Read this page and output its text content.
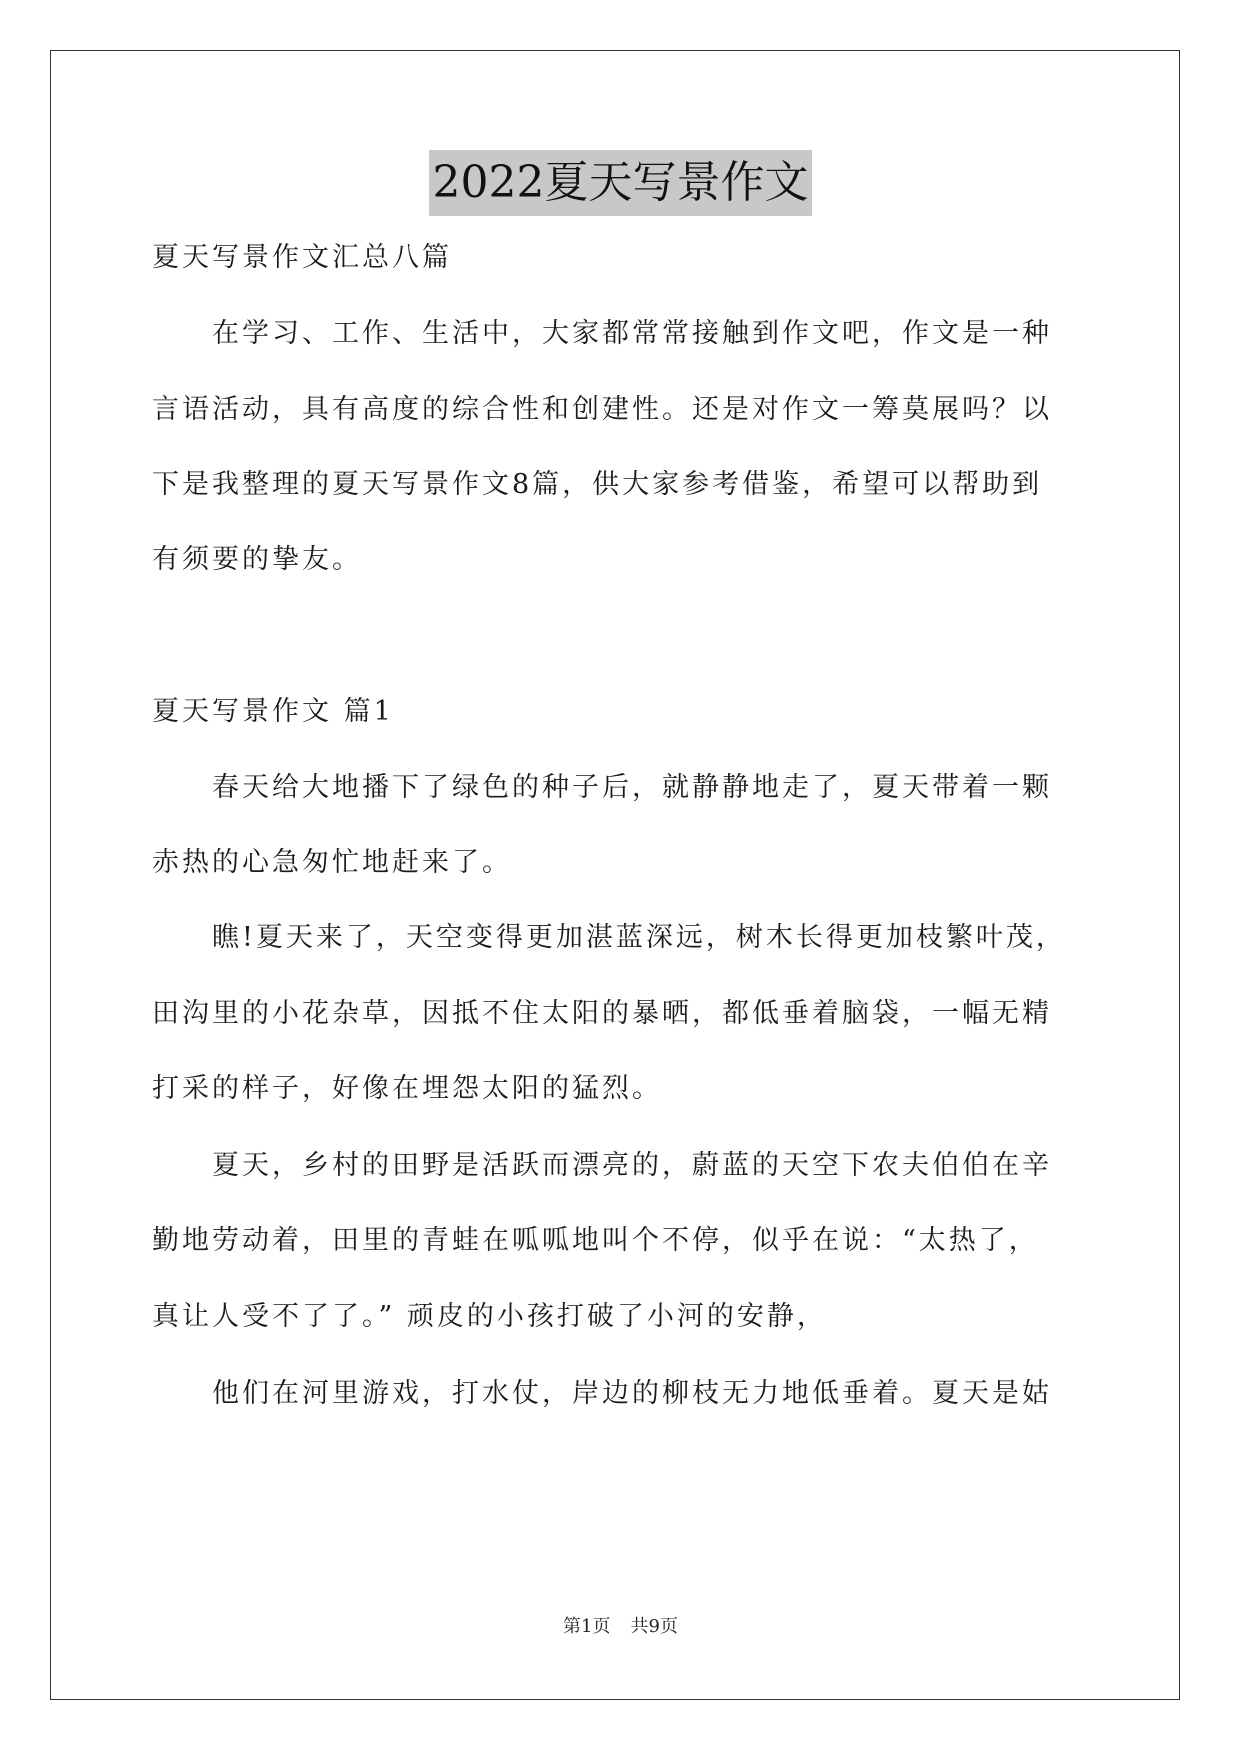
2022夏天写景作文
夏天写景作文汇总八篇
　　在学习、工作、生活中，大家都常常接触到作文吧，作文是一种
言语活动，具有高度的综合性和创建性。还是对作文一筹莫展吗？以
下是我整理的夏天写景作文8篇，供大家参考借鉴，希望可以帮助到
有须要的挚友。
夏天写景作文 篇1
　　春天给大地播下了绿色的种子后，就静静地走了，夏天带着一颗
赤热的心急匆忙地赶来了。
　　瞧!夏天来了，天空变得更加湛蓝深远，树木长得更加枝繁叶茂，
田沟里的小花杂草，因抵不住太阳的暴晒，都低垂着脑袋，一幅无精
打采的样子，好像在埋怨太阳的猛烈。
　　夏天，乡村的田野是活跃而漂亮的，蔚蓝的天空下农夫伯伯在辛
勤地劳动着，田里的青蛙在呱呱地叫个不停，似乎在说：“太热了，
真让人受不了了。” 顽皮的小孩打破了小河的安静，
　　他们在河里游戏，打水仗，岸边的柳枝无力地低垂着。夏天是姑
第1页 共9页
